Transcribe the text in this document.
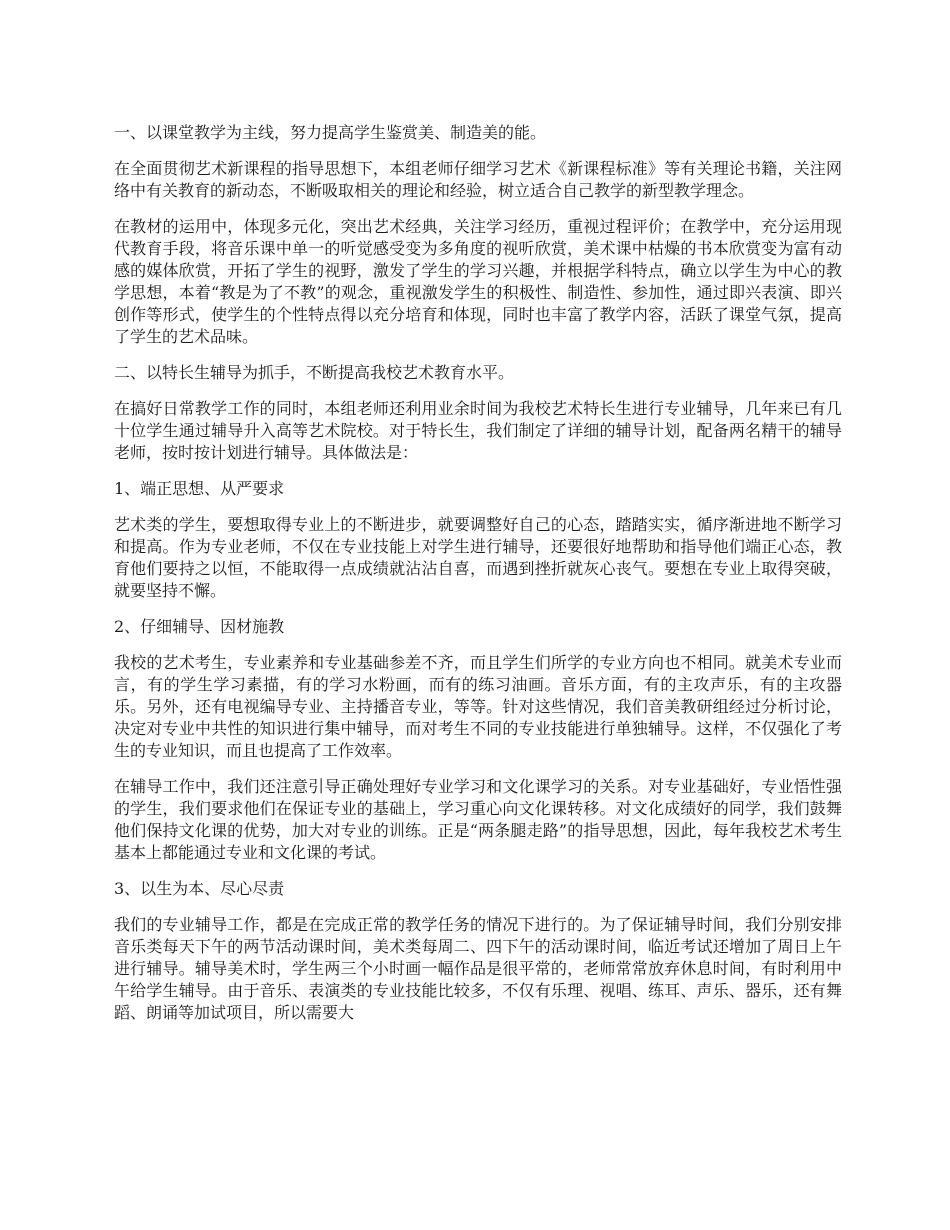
一、以课堂教学为主线，努力提高学生鉴赏美、制造美的能。

在全面贯彻艺术新课程的指导思想下，本组老师仔细学习艺术《新课程标准》等有关理论书籍，关注网络中有关教育的新动态，不断吸取相关的理论和经验，树立适合自己教学的新型教学理念。

在教材的运用中，体现多元化，突出艺术经典，关注学习经历，重视过程评价；在教学中，充分运用现代教育手段，将音乐课中单一的听觉感受变为多角度的视听欣赏，美术课中枯燥的书本欣赏变为富有动感的媒体欣赏，开拓了学生的视野，激发了学生的学习兴趣，并根据学科特点，确立以学生为中心的教学思想，本着“教是为了不教”的观念，重视激发学生的积极性、制造性、参加性，通过即兴表演、即兴创作等形式，使学生的个性特点得以充分培育和体现，同时也丰富了教学内容，活跃了课堂气氛，提高了学生的艺术品味。

二、以特长生辅导为抓手，不断提高我校艺术教育水平。

在搞好日常教学工作的同时，本组老师还利用业余时间为我校艺术特长生进行专业辅导，几年来已有几十位学生通过辅导升入高等艺术院校。对于特长生，我们制定了详细的辅导计划，配备两名精干的辅导老师，按时按计划进行辅导。具体做法是：

1、端正思想、从严要求

艺术类的学生，要想取得专业上的不断进步，就要调整好自己的心态，踏踏实实，循序渐进地不断学习和提高。作为专业老师，不仅在专业技能上对学生进行辅导，还要很好地帮助和指导他们端正心态，教育他们要持之以恒，不能取得一点成绩就沾沾自喜，而遇到挫折就灰心丧气。要想在专业上取得突破，就要坚持不懈。

2、仔细辅导、因材施教

我校的艺术考生，专业素养和专业基础参差不齐，而且学生们所学的专业方向也不相同。就美术专业而言，有的学生学习素描，有的学习水粉画，而有的练习油画。音乐方面，有的主攻声乐，有的主攻器乐。另外，还有电视编导专业、主持播音专业，等等。针对这些情况，我们音美教研组经过分析讨论，决定对专业中共性的知识进行集中辅导，而对考生不同的专业技能进行单独辅导。这样，不仅强化了考生的专业知识，而且也提高了工作效率。

在辅导工作中，我们还注意引导正确处理好专业学习和文化课学习的关系。对专业基础好，专业悟性强的学生，我们要求他们在保证专业的基础上，学习重心向文化课转移。对文化成绩好的同学，我们鼓舞他们保持文化课的优势，加大对专业的训练。正是“两条腿走路”的指导思想，因此，每年我校艺术考生基本上都能通过专业和文化课的考试。

3、以生为本、尽心尽责

我们的专业辅导工作，都是在完成正常的教学任务的情况下进行的。为了保证辅导时间，我们分别安排音乐类每天下午的两节活动课时间，美术类每周二、四下午的活动课时间，临近考试还增加了周日上午进行辅导。辅导美术时，学生两三个小时画一幅作品是很平常的，老师常常放弃休息时间，有时利用中午给学生辅导。由于音乐、表演类的专业技能比较多，不仅有乐理、视唱、练耳、声乐、器乐，还有舞蹈、朗诵等加试项目，所以需要大
